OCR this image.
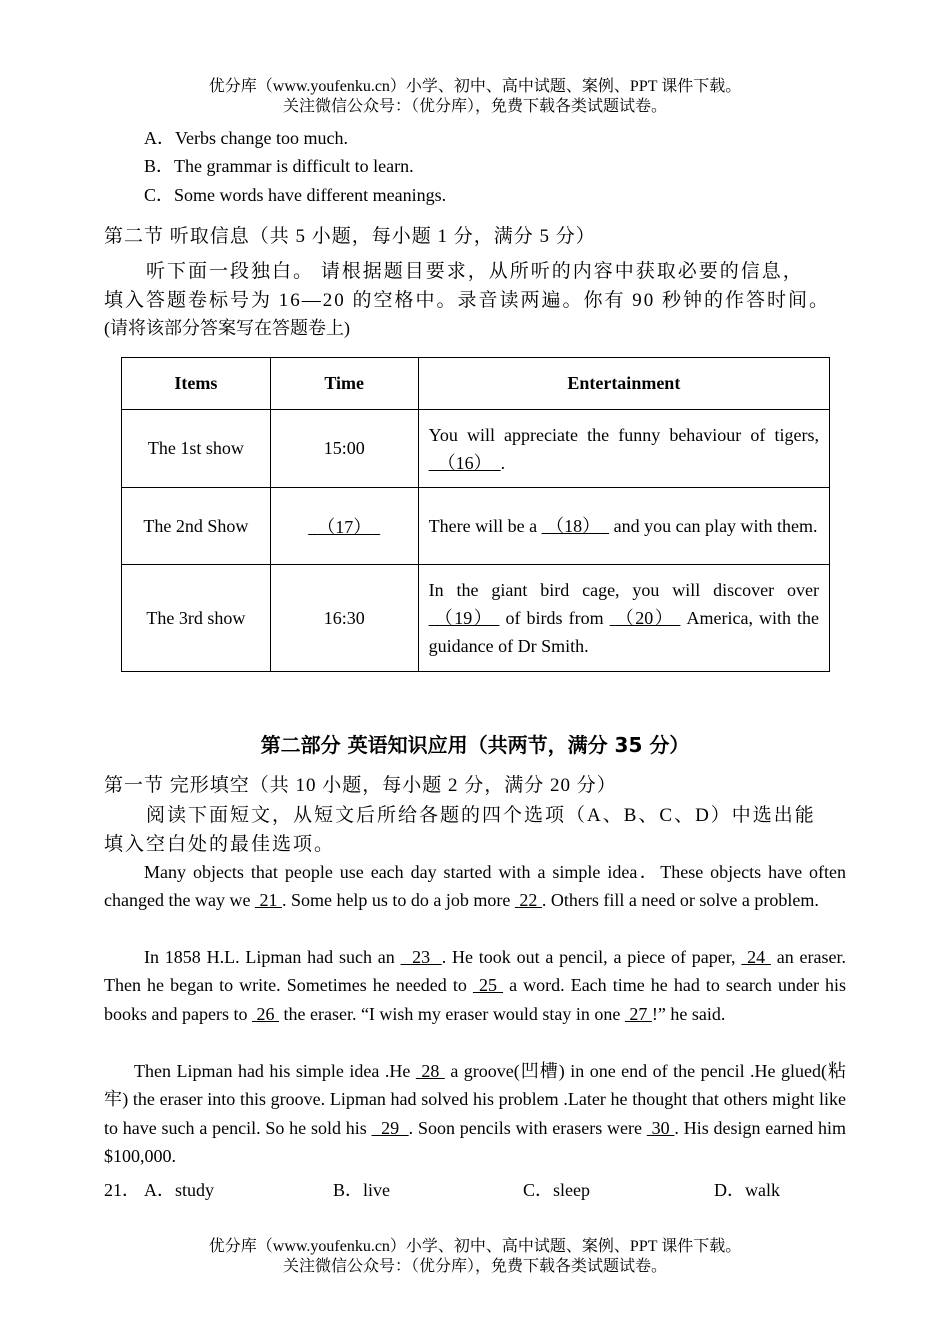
优分库（www.youfenku.cn）小学、初中、高中试题、案例、PPT 课件下载。
关注微信公众号：（优分库），免费下载各类试题试卷。
A．Verbs change too much.
B．The grammar is difficult to learn.
C．Some words have different meanings.
第二节 听取信息（共 5 小题，每小题 1 分，满分 5 分）
　　听下面一段独白。 请根据题目要求，从所听的内容中获取必要的信息，
填入答题卷标号为 16—20 的空格中。录音读两遍。你有 90 秒钟的作答时间。
(请将该部分答案写在答题卷上)
Items	Time	Entertainment
The 1st show	15:00	You will appreciate the funny behaviour of tigers,   （16） .
The 2nd Show	（17）	There will be a  （18）   and you can play with them.
The 3rd show	16:30	In the giant bird cage, you will discover over  （19）  of birds from  （20）  America, with the guidance of Dr Smith.
第二部分 英语知识应用（共两节，满分 35 分）
第一节 完形填空（共 10 小题，每小题 2 分，满分 20 分）
　　阅读下面短文，从短文后所给各题的四个选项（A、B、C、D）中选出能
填入空白处的最佳选项。
Many objects that people use each day started with a simple idea．These objects have often changed the way we  21 . Some help us to do a job more  22 . Others fill a need or solve a problem.
In 1858 H.L. Lipman had such an   23  . He took out a pencil, a piece of paper,  24  an eraser. Then he began to write. Sometimes he needed to  25  a word. Each time he had to search under his books and papers to  26  the eraser. “I wish my eraser would stay in one  27 !” he said.
Then Lipman had his simple idea .He  28  a groove(凹槽) in one end of the pencil .He glued(粘牢) the eraser into this groove. Lipman had solved his problem .Later he thought that others might like to have such a pencil. So he sold his   29  . Soon pencils with erasers were  30 . His design earned him $100,000.
21． A．study	B．live	C．sleep	D．walk
优分库（www.youfenku.cn）小学、初中、高中试题、案例、PPT 课件下载。
关注微信公众号：（优分库），免费下载各类试题试卷。
